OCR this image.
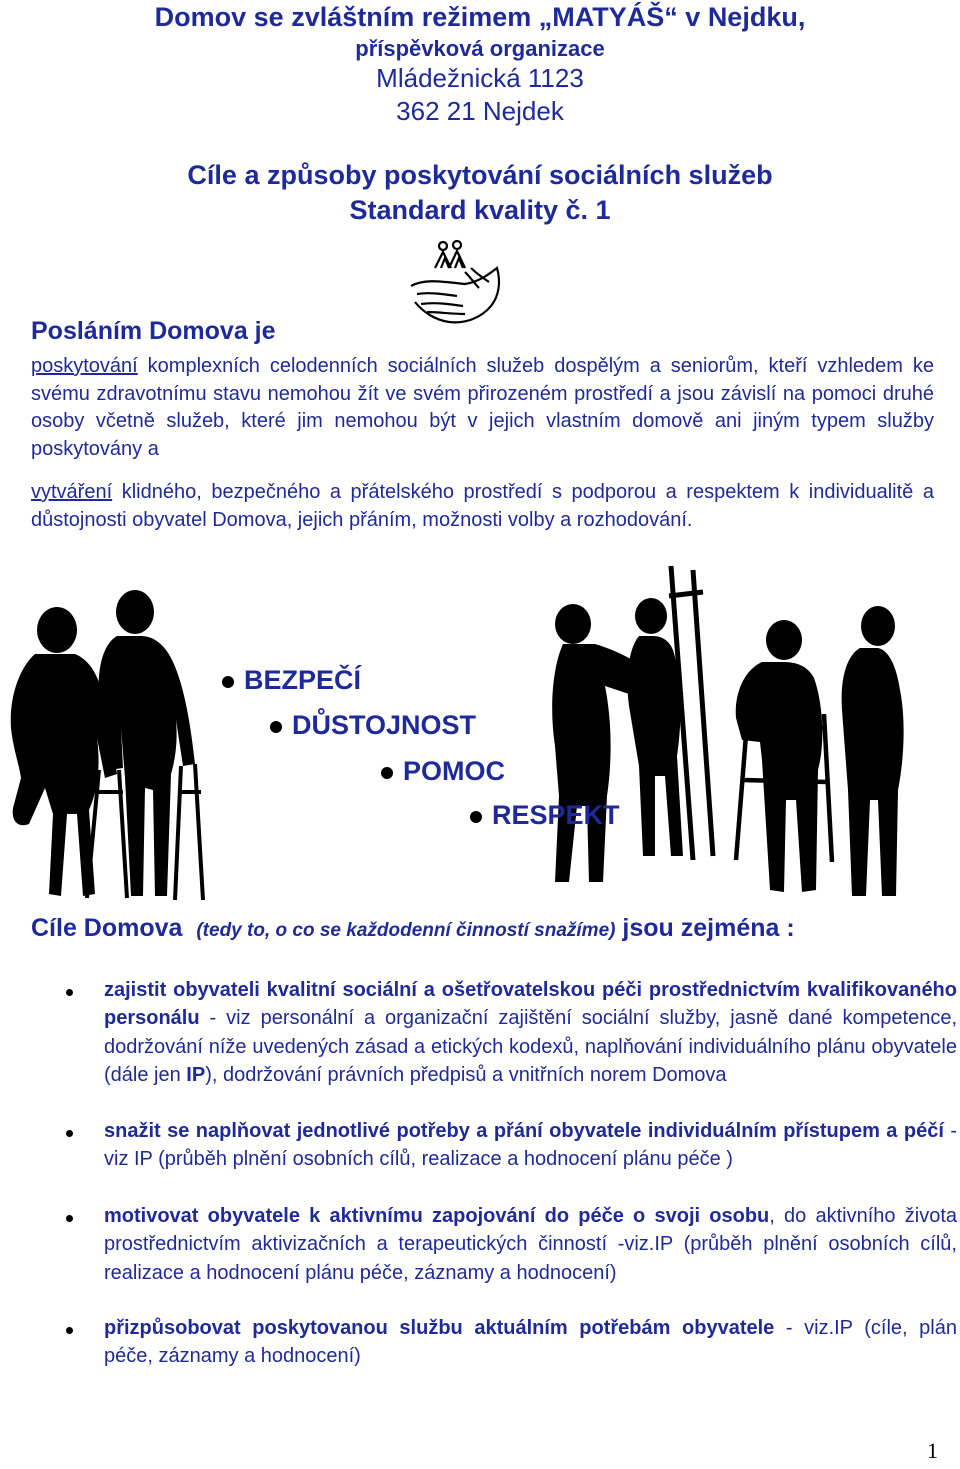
Domov se zvláštním režimem „MATYÁŠ“ v Nejdku,
příspěvková organizace
Mládežnická 1123
362 21 Nejdek
Cíle a způsoby poskytování sociálních služeb
Standard kvality č. 1
Posláním Domova je
poskytování komplexních celodenních sociálních služeb dospělým a seniorům, kteří vzhledem ke svému zdravotnímu stavu nemohou žít ve svém přirozeném prostředí a jsou závislí na pomoci druhé osoby včetně služeb, které jim nemohou být v jejich vlastním domově ani jiným typem služby poskytovány a
vytváření klidného, bezpečného a přátelského prostředí s podporou a respektem k individualitě a důstojnosti obyvatel Domova, jejich přáním, možnosti volby a rozhodování.
BEZPEČÍ
DŮSTOJNOST
POMOC
RESPEKT
Cíle Domova (tedy to, o co se každodenní činností snažíme) jsou zejména :
zajistit obyvateli kvalitní sociální a ošetřovatelskou péči prostřednictvím kvalifikovaného personálu - viz personální a organizační zajištění sociální služby, jasně dané kompetence, dodržování níže uvedených zásad a etických kodexů, naplňování individuálního plánu obyvatele (dále jen IP), dodržování právních předpisů a vnitřních norem Domova
snažit se naplňovat jednotlivé potřeby a přání obyvatele individuálním přístupem a péčí - viz IP (průběh plnění osobních cílů, realizace a hodnocení plánu péče )
motivovat obyvatele k aktivnímu zapojování do péče o svoji osobu, do aktivního života prostřednictvím aktivizačních a terapeutických činností -viz.IP (průběh plnění osobních cílů, realizace a hodnocení plánu péče, záznamy a hodnocení)
přizpůsobovat poskytovanou službu aktuálním potřebám obyvatele - viz.IP (cíle, plán péče, záznamy a hodnocení)
1
